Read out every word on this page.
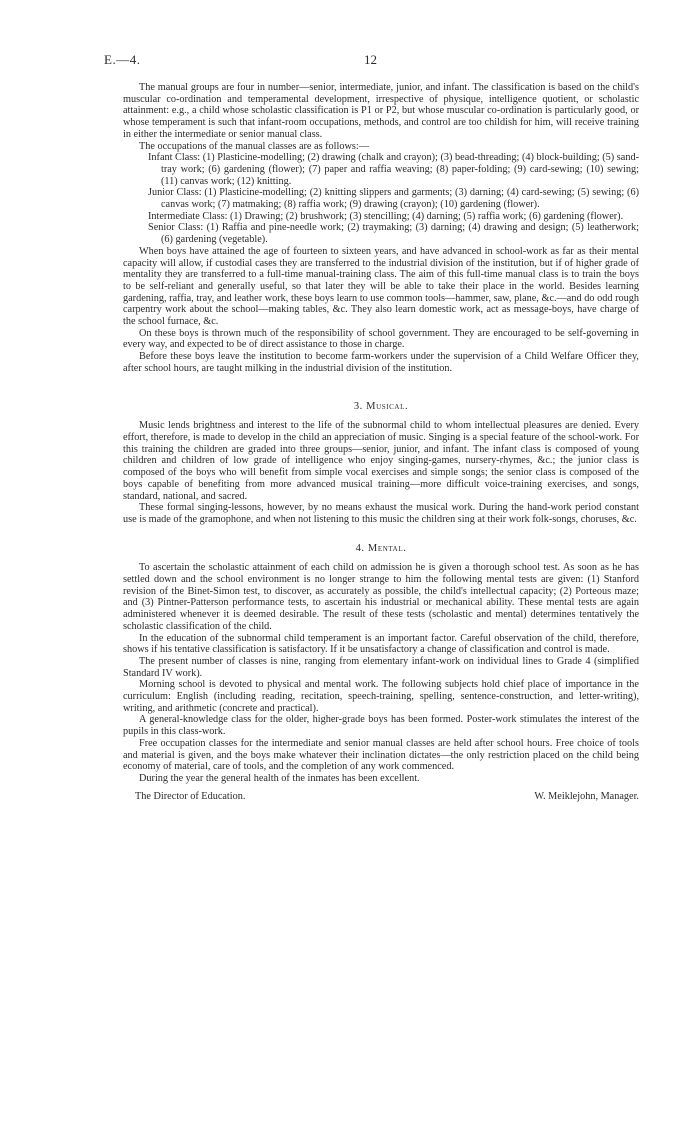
E.—4.	12

The manual groups are four in number—senior, intermediate, junior, and infant. The classification is based on the child's muscular co-ordination and temperamental development, irrespective of physique, intelligence quotient, or scholastic attainment: e.g., a child whose scholastic classification is P1 or P2, but whose muscular co-ordination is particularly good, or whose temperament is such that infant-room occupations, methods, and control are too childish for him, will receive training in either the intermediate or senior manual class.

The occupations of the manual classes are as follows:—

Infant Class: (1) Plasticine-modelling; (2) drawing (chalk and crayon); (3) bead-threading; (4) block-building; (5) sand-tray work; (6) gardening (flower); (7) paper and raffia weaving; (8) paper-folding; (9) card-sewing; (10) sewing; (11) canvas work; (12) knitting.

Junior Class: (1) Plasticine-modelling; (2) knitting slippers and garments; (3) darning; (4) card-sewing; (5) sewing; (6) canvas work; (7) matmaking; (8) raffia work; (9) drawing (crayon); (10) gardening (flower).

Intermediate Class: (1) Drawing; (2) brushwork; (3) stencilling; (4) darning; (5) raffia work; (6) gardening (flower).

Senior Class: (1) Raffia and pine-needle work; (2) traymaking; (3) darning; (4) drawing and design; (5) leatherwork; (6) gardening (vegetable).

When boys have attained the age of fourteen to sixteen years, and have advanced in school-work as far as their mental capacity will allow, if custodial cases they are transferred to the industrial division of the institution, but if of higher grade of mentality they are transferred to a full-time manual-training class. The aim of this full-time manual class is to train the boys to be self-reliant and generally useful, so that later they will be able to take their place in the world. Besides learning gardening, raffia, tray, and leather work, these boys learn to use common tools—hammer, saw, plane, &c.—and do odd rough carpentry work about the school—making tables, &c. They also learn domestic work, act as message-boys, have charge of the school furnace, &c.

On these boys is thrown much of the responsibility of school government. They are encouraged to be self-governing in every way, and expected to be of direct assistance to those in charge.

Before these boys leave the institution to become farm-workers under the supervision of a Child Welfare Officer they, after school hours, are taught milking in the industrial division of the institution.

3. Musical.

Music lends brightness and interest to the life of the subnormal child to whom intellectual pleasures are denied. Every effort, therefore, is made to develop in the child an appreciation of music. Singing is a special feature of the school-work. For this training the children are graded into three groups—senior, junior, and infant. The infant class is composed of young children and children of low grade of intelligence who enjoy singing-games, nursery-rhymes, &c.; the junior class is composed of the boys who will benefit from simple vocal exercises and simple songs; the senior class is composed of the boys capable of benefiting from more advanced musical training—more difficult voice-training exercises, and songs, standard, national, and sacred.

These formal singing-lessons, however, by no means exhaust the musical work. During the hand-work period constant use is made of the gramophone, and when not listening to this music the children sing at their work folk-songs, choruses, &c.

4. Mental.

To ascertain the scholastic attainment of each child on admission he is given a thorough school test. As soon as he has settled down and the school environment is no longer strange to him the following mental tests are given: (1) Stanford revision of the Binet-Simon test, to discover, as accurately as possible, the child's intellectual capacity; (2) Porteous maze; and (3) Pintner-Patterson performance tests, to ascertain his industrial or mechanical ability. These mental tests are again administered whenever it is deemed desirable. The result of these tests (scholastic and mental) determines tentatively the scholastic classification of the child.

In the education of the subnormal child temperament is an important factor. Careful observation of the child, therefore, shows if his tentative classification is satisfactory. If it be unsatisfactory a change of classification and control is made.

The present number of classes is nine, ranging from elementary infant-work on individual lines to Grade 4 (simplified Standard IV work).

Morning school is devoted to physical and mental work. The following subjects hold chief place of importance in the curriculum: English (including reading, recitation, speech-training, spelling, sentence-construction, and letter-writing), writing, and arithmetic (concrete and practical).

A general-knowledge class for the older, higher-grade boys has been formed. Poster-work stimulates the interest of the pupils in this class-work.

Free occupation classes for the intermediate and senior manual classes are held after school hours. Free choice of tools and material is given, and the boys make whatever their inclination dictates—the only restriction placed on the child being economy of material, care of tools, and the completion of any work commenced.

During the year the general health of the inmates has been excellent.

The Director of Education.	W. Meiklejohn, Manager.
